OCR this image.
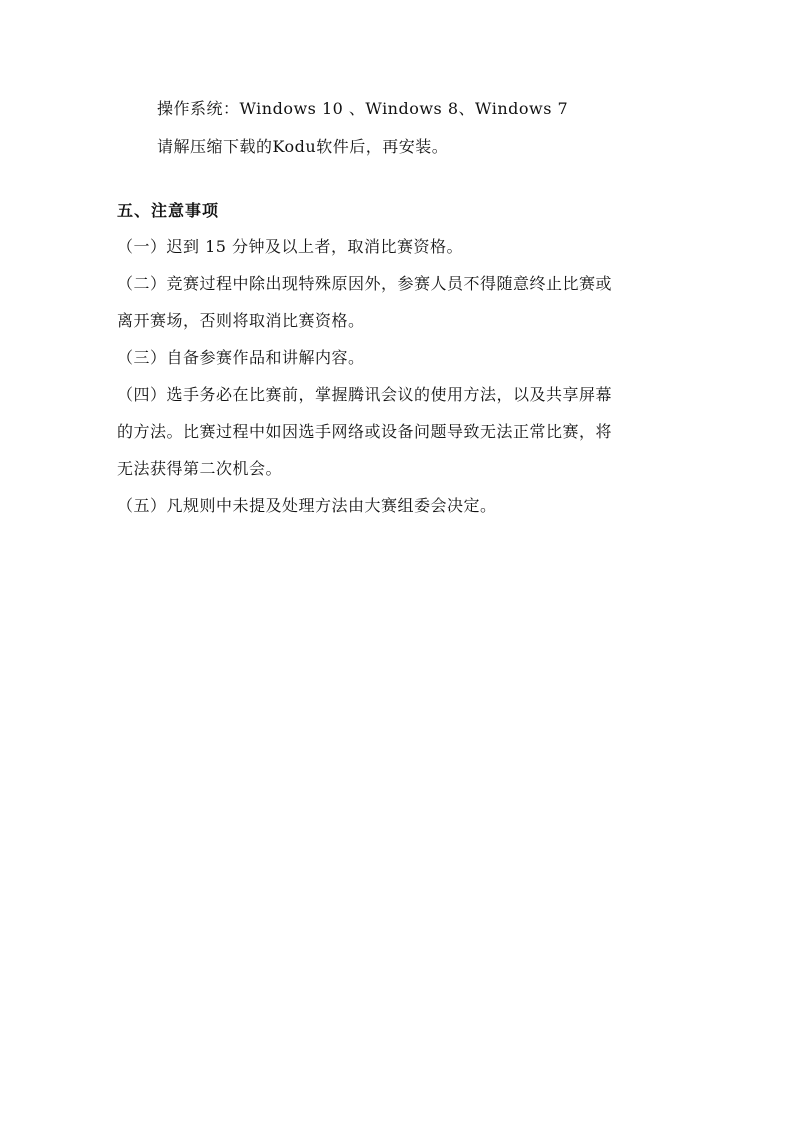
操作系统：Windows 10 、Windows 8、Windows 7
请解压缩下载的Kodu软件后，再安装。
五、注意事项
（一）迟到 15 分钟及以上者，取消比赛资格。
（二）竞赛过程中除出现特殊原因外，参赛人员不得随意终止比赛或
离开赛场，否则将取消比赛资格。
（三）自备参赛作品和讲解内容。
（四）选手务必在比赛前，掌握腾讯会议的使用方法，以及共享屏幕
的方法。比赛过程中如因选手网络或设备问题导致无法正常比赛，将
无法获得第二次机会。
（五）凡规则中未提及处理方法由大赛组委会决定。
